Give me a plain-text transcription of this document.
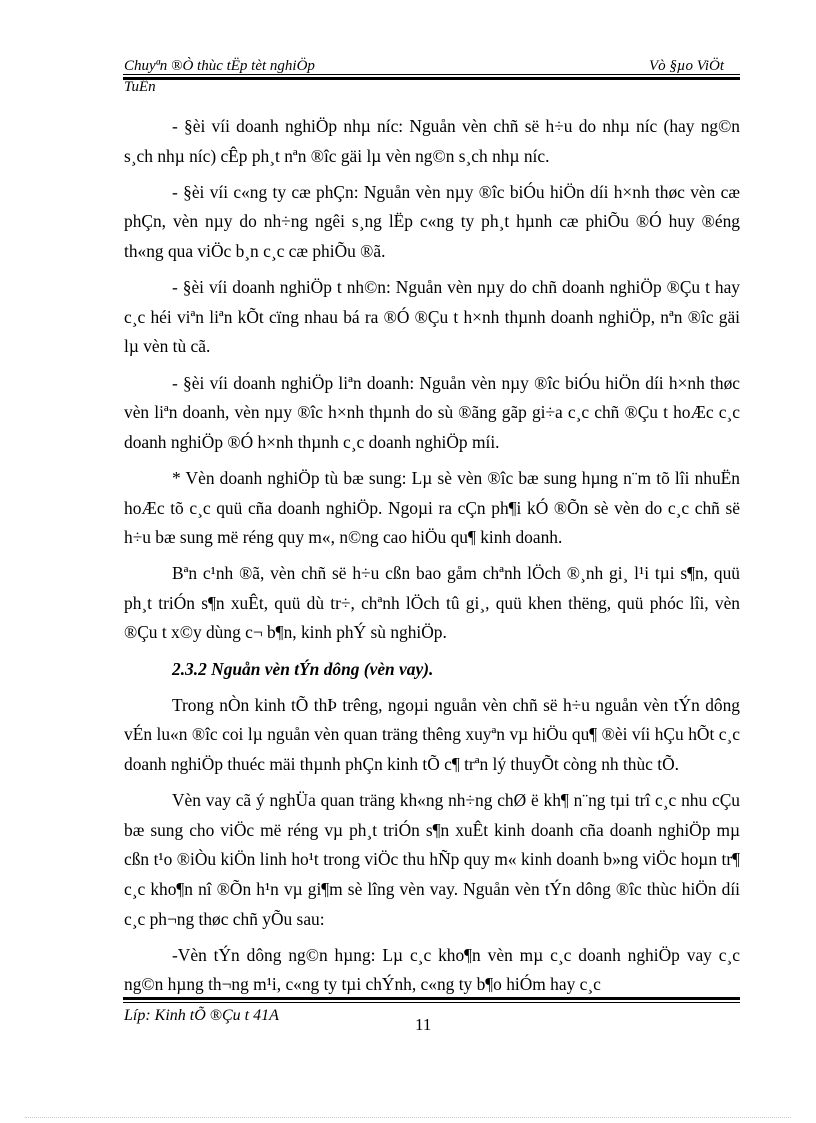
Chuyªn ®Ò thùc tËp tèt nghiÖp	Vò §µo ViÖt
TuÊn

- §èi víi doanh nghiÖp nhµ níc: Nguån vèn chñ së h÷u do nhµ níc (hay ng©n s¸ch nhµ níc) cÊp ph¸t nªn ®îc gäi lµ vèn ng©n s¸ch nhµ níc.

- §èi víi c«ng ty cæ phÇn: Nguån vèn nµy ®îc biÓu hiÖn díi h×nh thøc vèn cæ phÇn, vèn nµy do nh÷ng ngêi s¸ng lËp c«ng ty ph¸t hµnh cæ phiÕu ®Ó huy ®éng th«ng qua viÖc b¸n c¸c cæ phiÕu ®ã.

- §èi víi doanh nghiÖp t nh©n: Nguån vèn nµy do chñ doanh nghiÖp ®Çu t hay c¸c héi viªn liªn kÕt cïng nhau bá ra ®Ó ®Çu t h×nh thµnh doanh nghiÖp, nªn ®îc gäi lµ vèn tù cã.

- §èi víi doanh nghiÖp liªn doanh: Nguån vèn nµy ®îc biÓu hiÖn díi h×nh thøc vèn liªn doanh, vèn nµy ®îc h×nh thµnh do sù ®ãng gãp gi÷a c¸c chñ ®Çu t hoÆc c¸c doanh nghiÖp ®Ó h×nh thµnh c¸c doanh nghiÖp míi.

* Vèn doanh nghiÖp tù bæ sung: Lµ sè vèn ®îc bæ sung hµng n¨m tõ lîi nhuËn hoÆc tõ c¸c quü cña doanh nghiÖp. Ngoµi ra cÇn ph¶i kÓ ®Õn sè vèn do c¸c chñ së h÷u bæ sung më réng quy m«, n©ng cao hiÖu qu¶ kinh doanh.

Bªn c¹nh ®ã, vèn chñ së h÷u cßn bao gåm chªnh lÖch ®¸nh gi¸ l¹i tµi s¶n, quü ph¸t triÓn s¶n xuÊt, quü dù tr÷, chªnh lÖch tû gi¸, quü khen thëng, quü phóc lîi, vèn ®Çu t x©y dùng c¬ b¶n, kinh phÝ sù nghiÖp.

2.3.2 Nguån vèn tÝn dông (vèn vay).

Trong nÒn kinh tÕ thÞ trêng, ngoµi nguån vèn chñ së h÷u nguån vèn tÝn dông vÉn lu«n ®îc coi lµ nguån vèn quan träng thêng xuyªn vµ hiÖu qu¶ ®èi víi hÇu hÕt c¸c doanh nghiÖp thuéc mäi thµnh phÇn kinh tÕ c¶ trªn lý thuyÕt còng nh thùc tÕ.

Vèn vay cã ý nghÜa quan träng kh«ng nh÷ng chØ ë kh¶ n¨ng tµi trî c¸c nhu cÇu bæ sung cho viÖc më réng vµ ph¸t triÓn s¶n xuÊt kinh doanh cña doanh nghiÖp mµ cßn t¹o ®iÒu kiÖn linh ho¹t trong viÖc thu hÑp quy m« kinh doanh b»ng viÖc hoµn tr¶ c¸c kho¶n nî ®Õn h¹n vµ gi¶m sè lîng vèn vay. Nguån vèn tÝn dông ®îc thùc hiÖn díi c¸c ph¬ng thøc chñ yÕu sau:

-Vèn tÝn dông ng©n hµng: Lµ c¸c kho¶n vèn mµ c¸c doanh nghiÖp vay c¸c ng©n hµng th¬ng m¹i, c«ng ty tµi chÝnh, c«ng ty b¶o hiÓm hay c¸c

Líp: Kinh tÕ ®Çu t 41A	11
